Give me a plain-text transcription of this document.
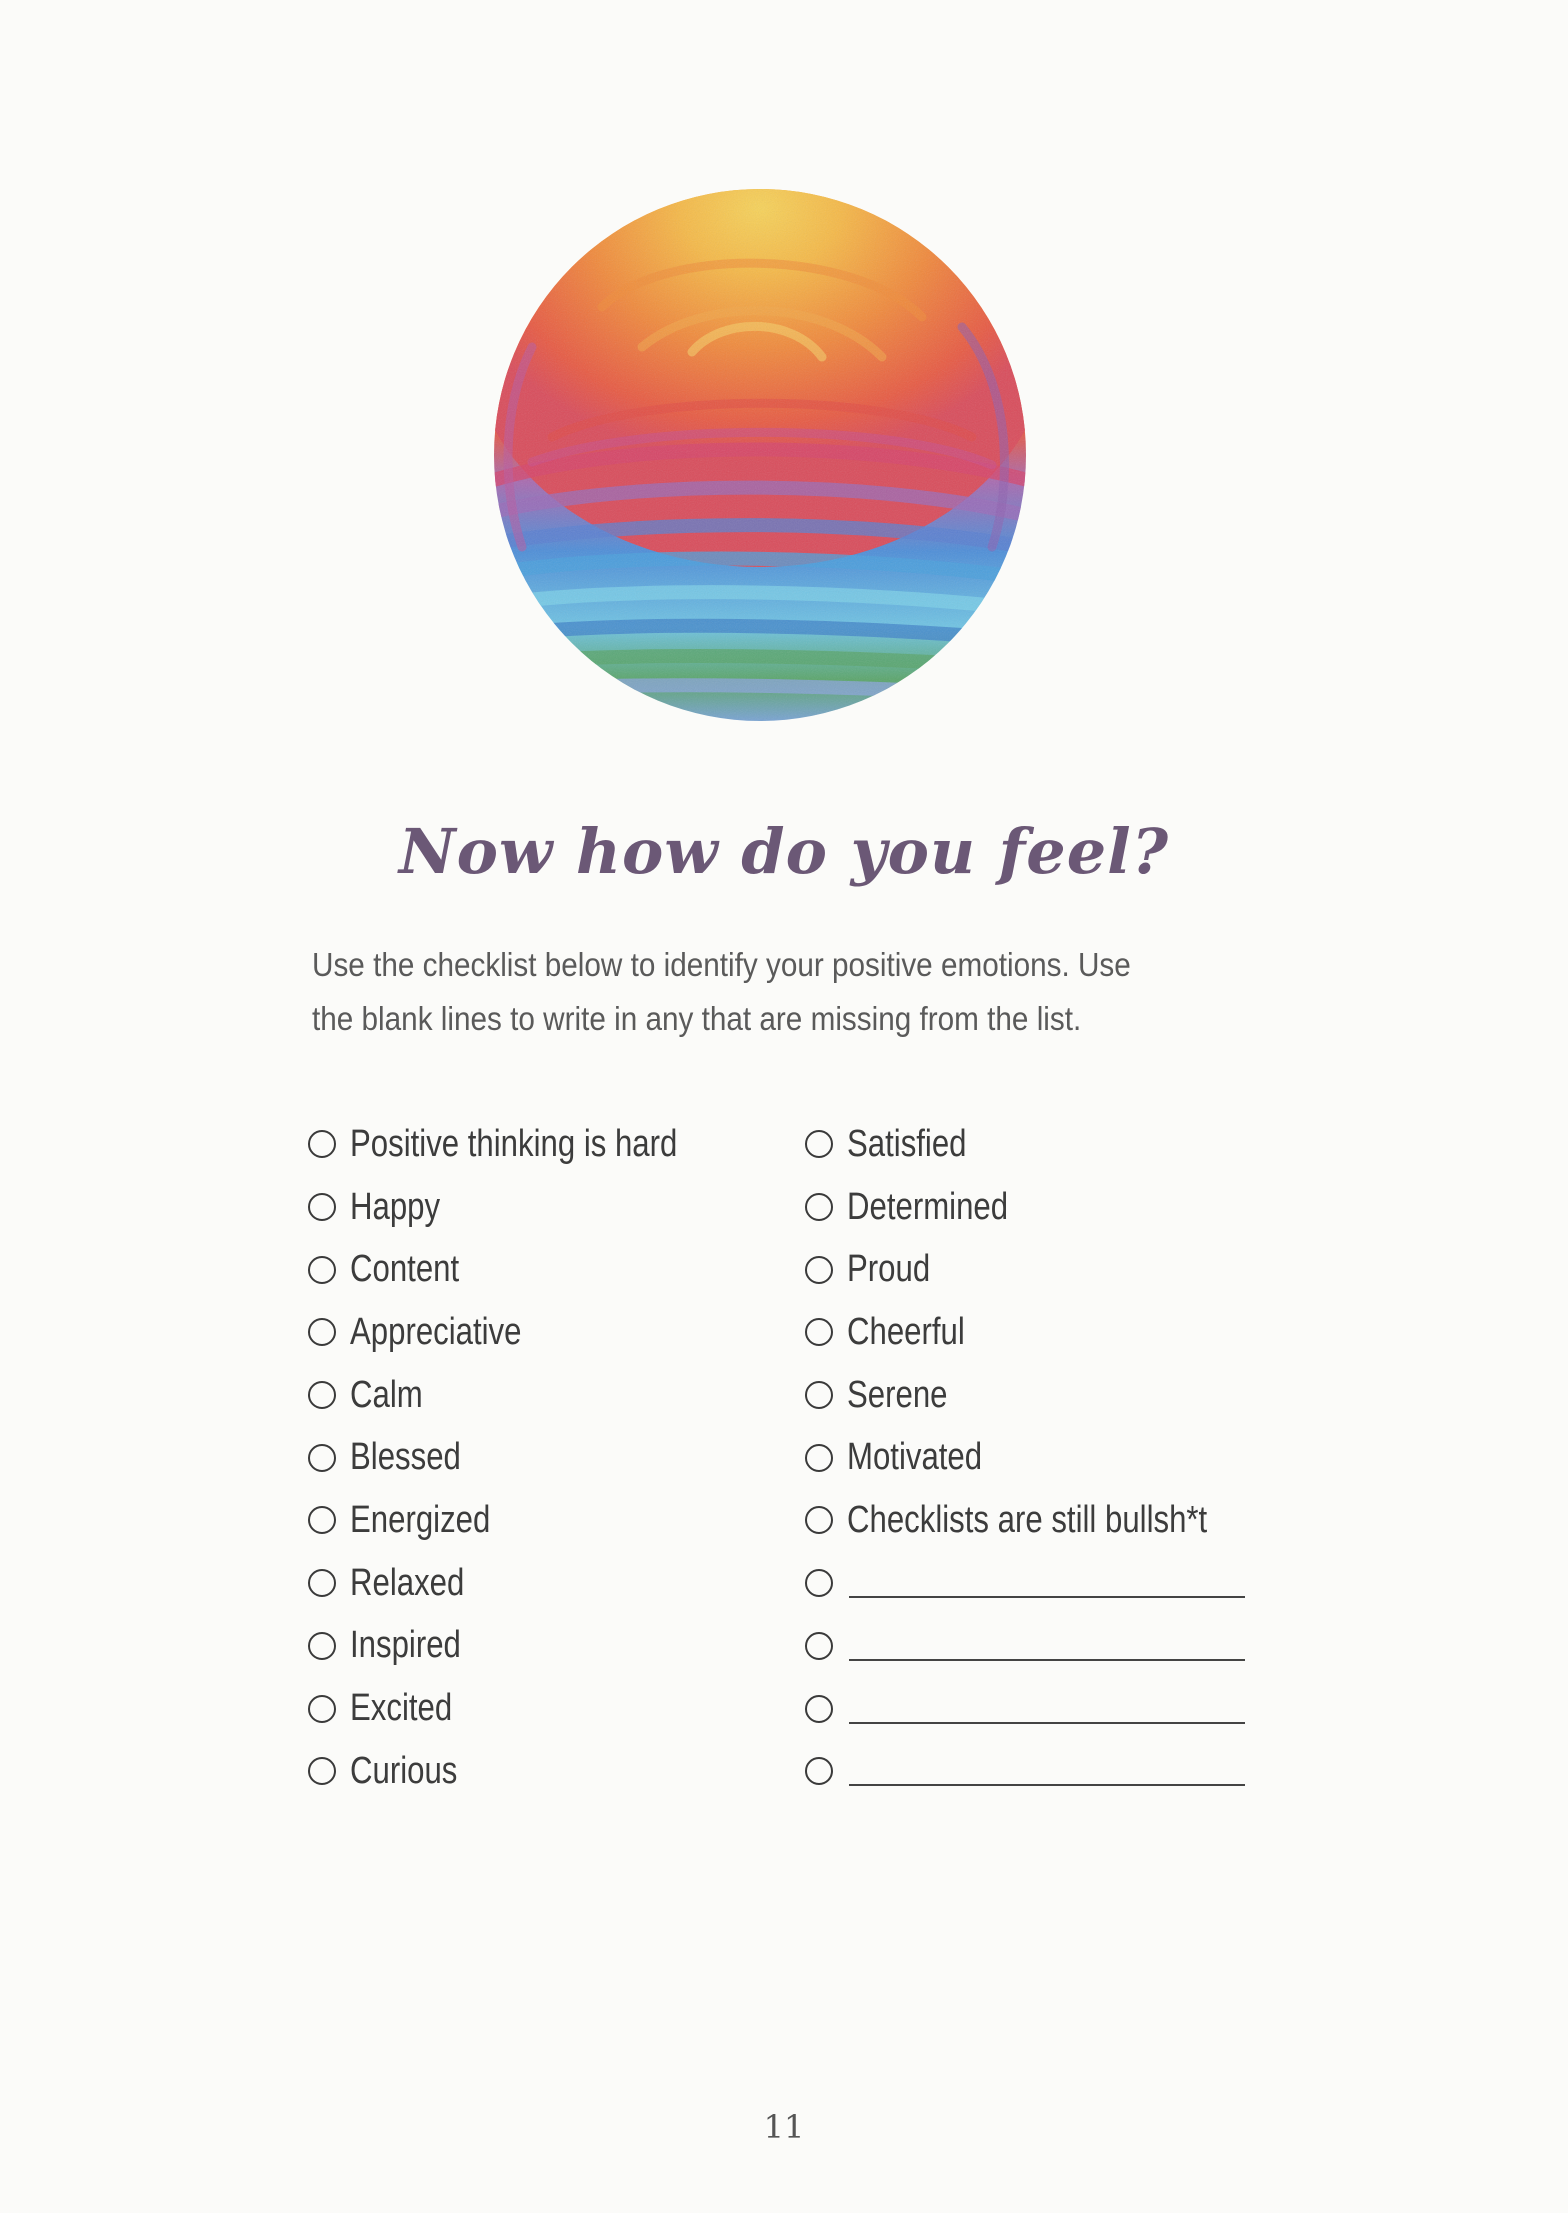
Now how do you feel?

Use the checklist below to identify your positive emotions. Use the blank lines to write in any that are missing from the list.

Positive thinking is hard
Happy
Content
Appreciative
Calm
Blessed
Energized
Relaxed
Inspired
Excited
Curious
Satisfied
Determined
Proud
Cheerful
Serene
Motivated
Checklists are still bullsh*t
11
